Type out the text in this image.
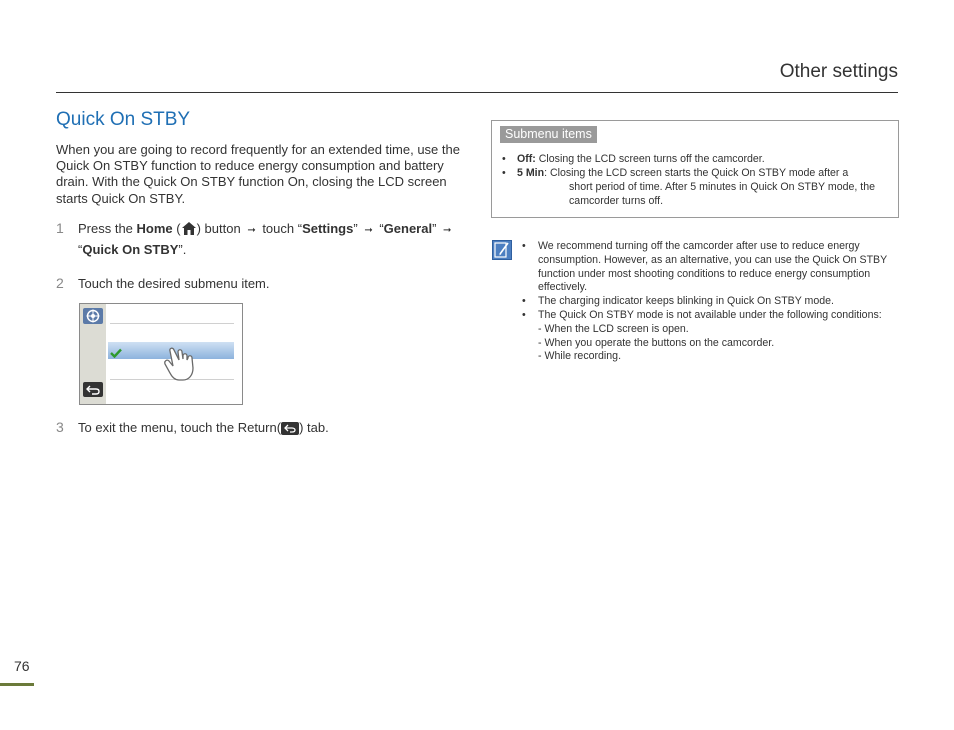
Other settings
Quick On STBY
When you are going to record frequently for an extended time, use the Quick On STBY function to reduce energy consumption and battery drain. With the Quick On STBY function On, closing the LCD screen starts Quick On STBY.
1 Press the Home ( ) button ➞ touch “Settings” ➞ “General” ➞
“Quick On STBY”.
2 Touch the desired submenu item.
3 To exit the menu, touch the Return( ) tab.
Submenu items
• Off: Closing the LCD screen turns off the camcorder.
• 5 Min: Closing the LCD screen starts the Quick On STBY mode after a
short period of time. After 5 minutes in Quick On STBY mode, the
camcorder turns off.
• We recommend turning off the camcorder after use to reduce energy consumption. However, as an alternative, you can use the Quick On STBY function under most shooting conditions to reduce energy consumption effectively.
• The charging indicator keeps blinking in Quick On STBY mode.
• The Quick On STBY mode is not available under the following conditions:
- When the LCD screen is open.
- When you operate the buttons on the camcorder.
- While recording.
76
